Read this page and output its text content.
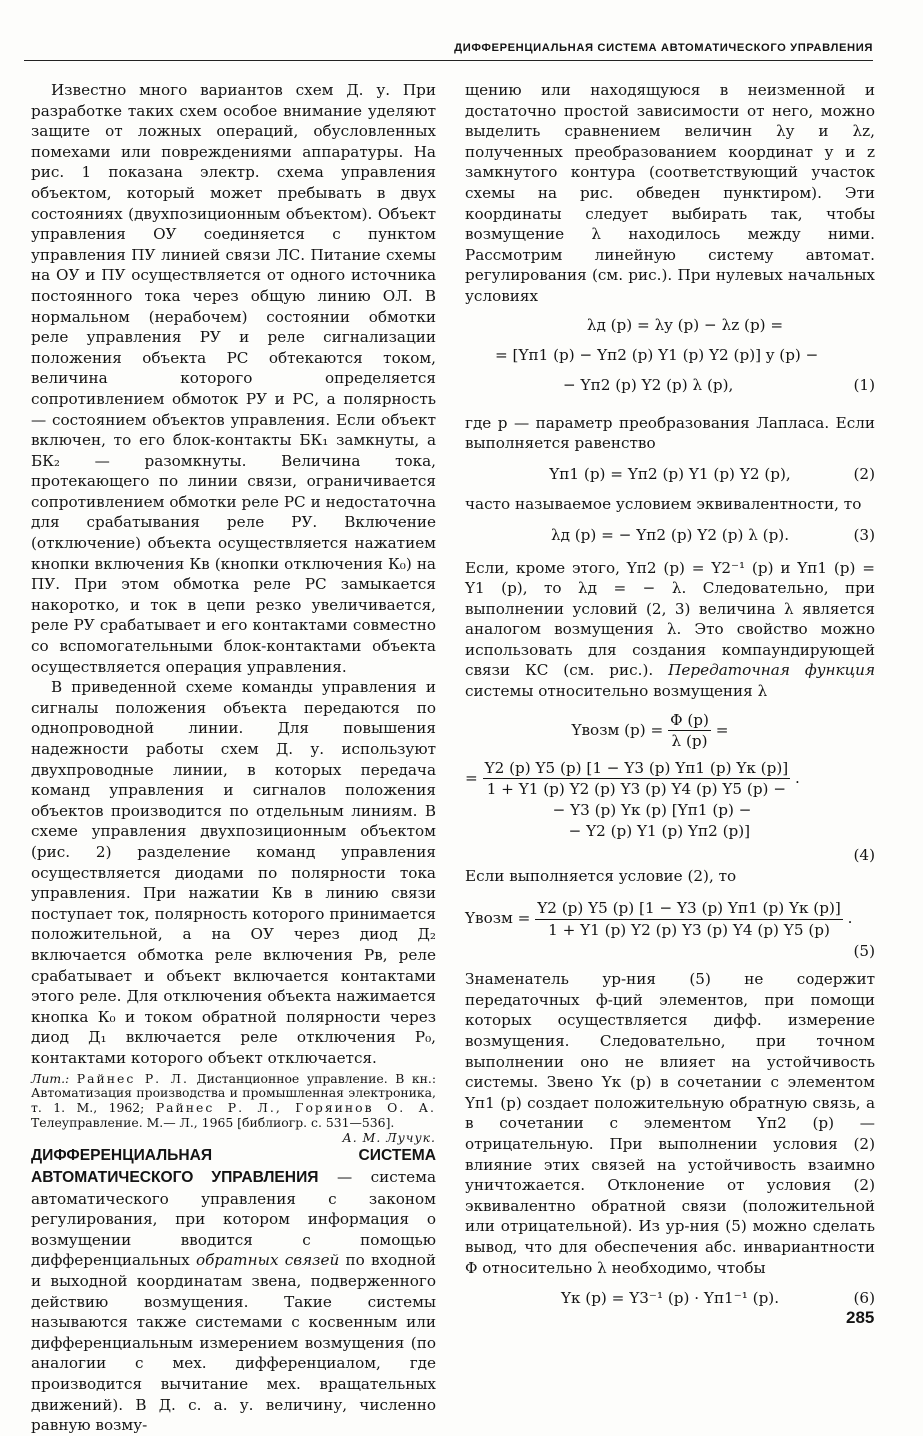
ДИФФЕРЕНЦИАЛЬНАЯ СИСТЕМА АВТОМАТИЧЕСКОГО УПРАВЛЕНИЯ

Известно много вариантов схем Д. у. При разработке таких схем особое внимание уделяют защите от ложных операций, обусловленных помехами или повреждениями аппаратуры. На рис. 1 показана электр. схема управления объектом, который может пребывать в двух состояниях (двухпозиционным объектом). Объект управления ОУ соединяется с пунктом управления ПУ линией связи ЛС. Питание схемы на ОУ и ПУ осуществляется от одного источника постоянного тока через общую линию ОЛ. В нормальном (нерабочем) состоянии обмотки реле управления РУ и реле сигнализации положения объекта РС обтекаются током, величина которого определяется сопротивлением обмоток РУ и РС, а полярность — состоянием объектов управления. Если объект включен, то его блок-контакты БК₁ замкнуты, а БК₂ — разомкнуты. Величина тока, протекающего по линии связи, ограничивается сопротивлением обмотки реле РС и недостаточна для срабатывания реле РУ. Включение (отключение) объекта осуществляется нажатием кнопки включения Кв (кнопки отключения К₀) на ПУ. При этом обмотка реле РС замыкается накоротко, и ток в цепи резко увеличивается, реле РУ срабатывает и его контактами совместно со вспомогательными блок-контактами объекта осуществляется операция управления.

В приведенной схеме команды управления и сигналы положения объекта передаются по однопроводной линии. Для повышения надежности работы схем Д. у. используют двухпроводные линии, в которых передача команд управления и сигналов положения объектов производится по отдельным линиям. В схеме управления двухпозиционным объектом (рис. 2) разделение команд управления осуществляется диодами по полярности тока управления. При нажатии Кв в линию связи поступает ток, полярность которого принимается положительной, а на ОУ через диод Д₂ включается обмотка реле включения Рв, реле срабатывает и объект включается контактами этого реле. Для отключения объекта нажимается кнопка К₀ и током обратной полярности через диод Д₁ включается реле отключения Р₀, контактами которого объект отключается.

Лит.: Райнес Р. Л. Дистанционное управление. В кн.: Автоматизация производства и промышленная электроника, т. 1. М., 1962; Райнес Р. Л., Горяинов О. А. Телеуправление. М.— Л., 1965 [библиогр. с. 531—536].
А. М. Лучук.

ДИФФЕРЕНЦИАЛЬНАЯ СИСТЕМА АВТОМАТИЧЕСКОГО УПРАВЛЕНИЯ — система автоматического управления с законом регулирования, при котором информация о возмущении вводится с помощью дифференциальных обратных связей по входной и выходной координатам звена, подверженного действию возмущения. Такие системы называются также системами с косвенным или дифференциальным измерением возмущения (по аналогии с мех. дифференциалом, где производится вычитание мех. вращательных движений). В Д. с. а. у. величину, численно равную возму-

щению или находящуюся в неизменной и достаточно простой зависимости от него, можно выделить сравнением величин λy и λz, полученных преобразованием координат y и z замкнутого контура (соответствующий участок схемы на рис. обведен пунктиром). Эти координаты следует выбирать так, чтобы возмущение λ находилось между ними. Рассмотрим линейную систему автомат. регулирования (см. рис.). При нулевых начальных условиях

λд (p) = λy (p) − λz (p) =
= [Yп1 (p) − Yп2 (p) Y1 (p) Y2 (p)] y (p) −
− Yп2 (p) Y2 (p) λ (p),	(1)

где p — параметр преобразования Лапласа. Если выполняется равенство

Yп1 (p) = Yп2 (p) Y1 (p) Y2 (p),	(2)

часто называемое условием эквивалентности, то

λд (p) = − Yп2 (p) Y2 (p) λ (p).	(3)

Если, кроме этого, Yп2 (p) = Y2⁻¹ (p) и Yп1 (p) = Y1 (p), то λд = − λ. Следовательно, при выполнении условий (2, 3) величина λ является аналогом возмущения λ. Это свойство можно использовать для создания компаундирующей связи КС (см. рис.). Передаточная функция системы относительно возмущения λ

Yвозм $(p) = \frac{\Phi (p)}{\lambda (p)}$ =
=
Y2 (p) Y5 (p) [1 − Y3 (p) Yп1 (p) Yк (p)]
1 + Y1 (p) Y2 (p) Y3 (p) Y4 (p) Y5 (p) −
− Y3 (p) Yк (p) [Yп1 (p) −
− Y2 (p) Y1 (p) Yп2 (p)]
.
(4)

Если выполняется условие (2), то

Yвозм = $\frac{Y2 (p) Y5 (p) [1 - Y3 (p) Yп1 (p) Yк (p)]}{1 + Y1 (p) Y2 (p) Y3 (p) Y4 (p) Y5 (p)}$ .
(5)

Знаменатель ур-ния (5) не содержит передаточных ф-ций элементов, при помощи которых осуществляется дифф. измерение возмущения. Следовательно, при точном выполнении оно не влияет на устойчивость системы. Звено Yк (p) в сочетании с элементом Yп1 (p) создает положительную обратную связь, а в сочетании с элементом Yп2 (p) — отрицательную. При выполнении условия (2) влияние этих связей на устойчивость взаимно уничтожается. Отклонение от условия (2) эквивалентно обратной связи (положительной или отрицательной). Из ур-ния (5) можно сделать вывод, что для обеспечения абс. инвариантности Φ относительно λ необходимо, чтобы

Yк (p) = Y3⁻¹ (p) · Yп1⁻¹ (p).	(6)
285
